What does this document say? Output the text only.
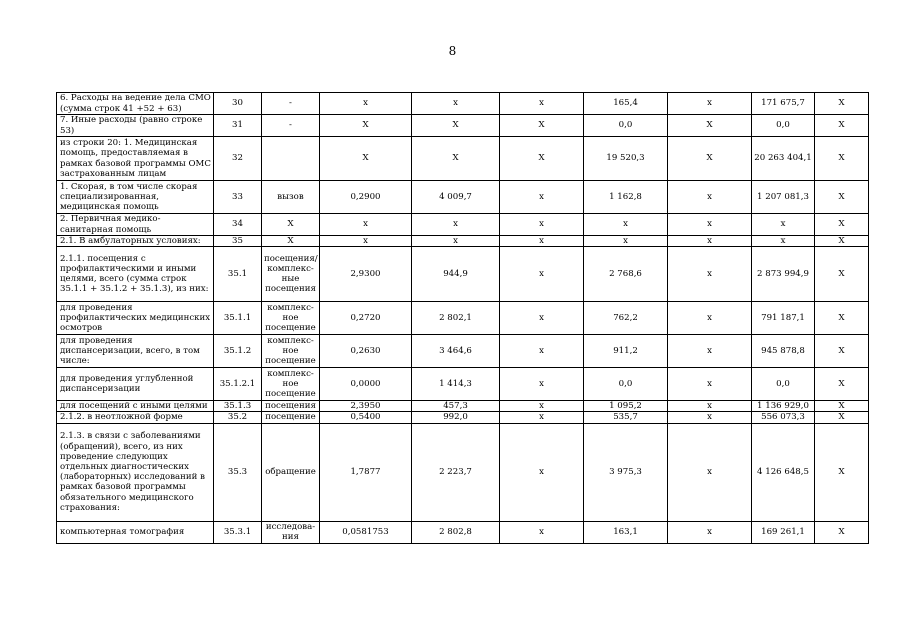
8
6. Расходы на ведение дела СМО (сумма строк 41 +52 + 63)	30	-	х	х	х	165,4	х	171 675,7	X
7. Иные расходы (равно строке 53)	31	-	X	X	X	0,0	X	0,0	X
из строки 20: 1. Медицинская помощь, предоставляемая в рамках базовой программы ОМС застрахованным лицам	32		X	X	X	19 520,3	X	20 263 404,1	X
1. Скорая, в том числе скорая специализированная, медицинская помощь	33	вызов	0,2900	4 009,7	х	1 162,8	х	1 207 081,3	X
2. Первичная медико-санитарная помощь	34	X	х	х	х	х	х	х	X
2.1. В амбулаторных условиях:	35	X	х	х	х	х	х	х	X
2.1.1. посещения с профилактическими и иными целями, всего (сумма строк 35.1.1 + 35.1.2 + 35.1.3), из них:	35.1	посещения/ комплекс-ные посещения	2,9300	944,9	х	2 768,6	х	2 873 994,9	X
для проведения профилактических медицинских осмотров	35.1.1	комплекс-ное посещение	0,2720	2 802,1	х	762,2	х	791 187,1	X
для проведения диспансеризации, всего, в том числе:	35.1.2	комплекс-ное посещение	0,2630	3 464,6	х	911,2	х	945 878,8	X
для проведения углубленной диспансеризации	35.1.2.1	комплекс-ное посещение	0,0000	1 414,3	х	0,0	х	0,0	X
для посещений с иными целями	35.1.3	посещения	2,3950	457,3	х	1 095,2	х	1 136 929,0	X
2.1.2. в неотложной форме	35.2	посещение	0,5400	992,0	х	535,7	х	556 073,3	X
2.1.3. в связи с заболеваниями (обращений), всего, из них проведение следующих отдельных диагностических (лабораторных) исследований в рамках базовой программы обязательного медицинского страхования:	35.3	обращение	1,7877	2 223,7	х	3 975,3	х	4 126 648,5	X
компьютерная томография	35.3.1	исследова-ния	0,0581753	2 802,8	х	163,1	х	169 261,1	X
